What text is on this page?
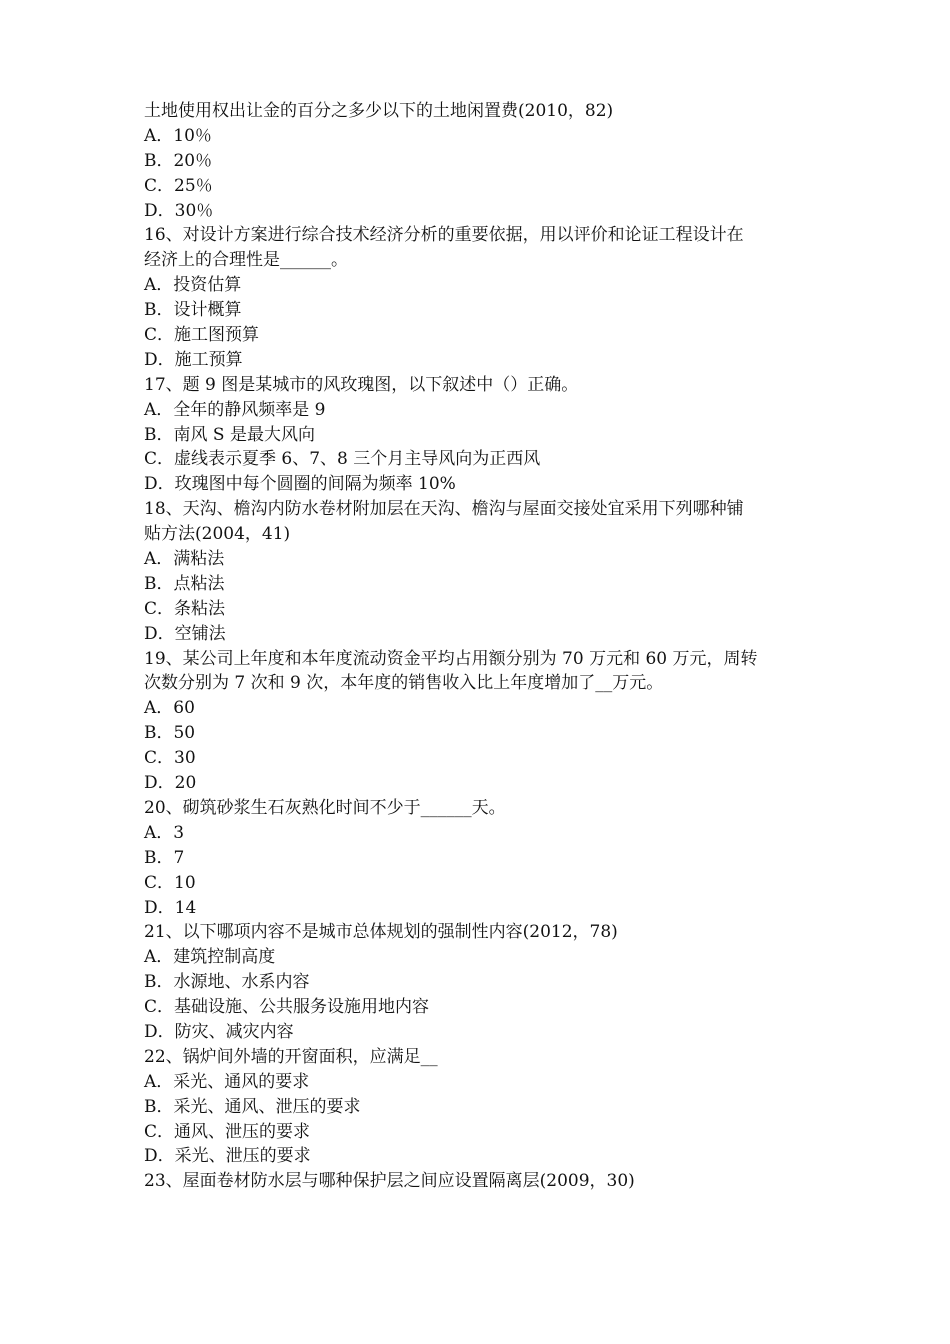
土地使用权出让金的百分之多少以下的土地闲置费(2010，82)
A．10％
B．20％
C．25％
D．30％
16、对设计方案进行综合技术经济分析的重要依据，用以评价和论证工程设计在
经济上的合理性是______。
A．投资估算
B．设计概算
C．施工图预算
D．施工预算
17、题 9 图是某城市的风玫瑰图，以下叙述中（）正确。
A．全年的静风频率是 9
B．南风 S 是最大风向
C．虚线表示夏季 6、7、8 三个月主导风向为正西风
D．玫瑰图中每个圆圈的间隔为频率 10%
18、天沟、檐沟内防水卷材附加层在天沟、檐沟与屋面交接处宜采用下列哪种铺
贴方法(2004，41)
A．满粘法
B．点粘法
C．条粘法
D．空铺法
19、某公司上年度和本年度流动资金平均占用额分别为 70 万元和 60 万元，周转
次数分别为 7 次和 9 次，本年度的销售收入比上年度增加了__万元。
A．60
B．50
C．30
D．20
20、砌筑砂浆生石灰熟化时间不少于______天。
A．3
B．7
C．10
D．14
21、以下哪项内容不是城市总体规划的强制性内容(2012，78)
A．建筑控制高度
B．水源地、水系内容
C．基础设施、公共服务设施用地内容
D．防灾、减灾内容
22、锅炉间外墙的开窗面积，应满足__
A．采光、通风的要求
B．采光、通风、泄压的要求
C．通风、泄压的要求
D．采光、泄压的要求
23、屋面卷材防水层与哪种保护层之间应设置隔离层(2009，30)
